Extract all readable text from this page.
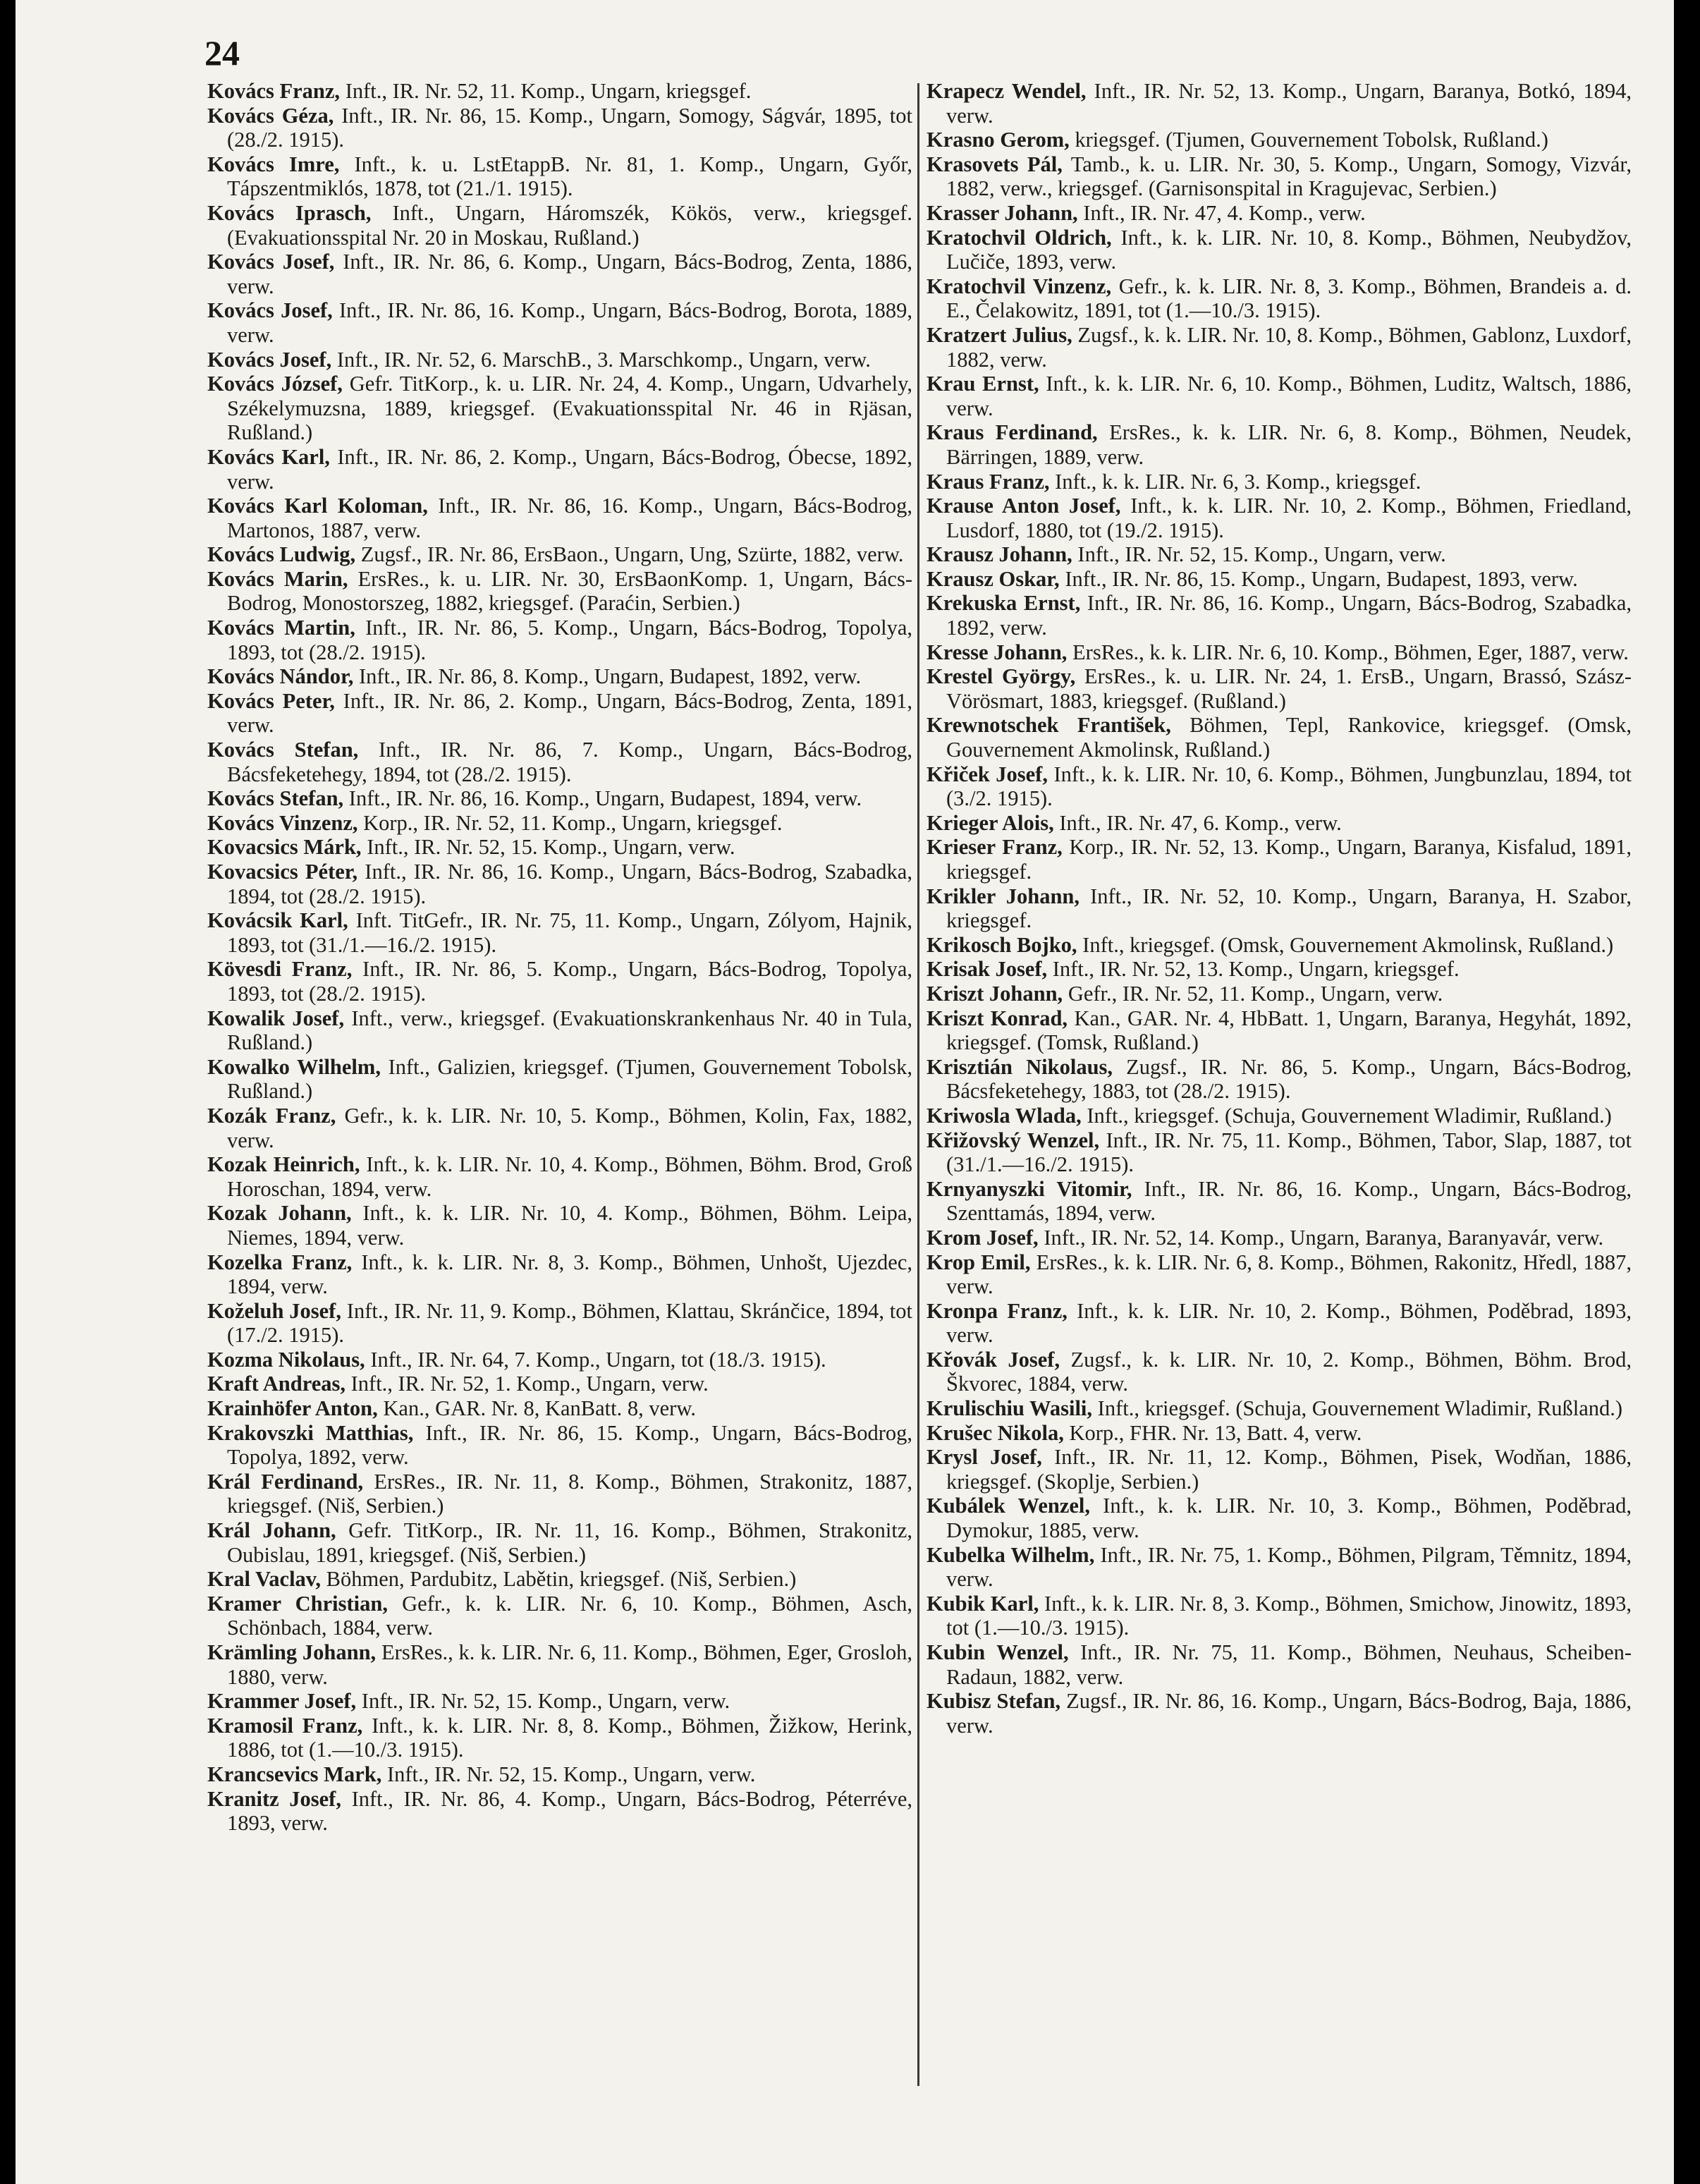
24

Kovács Franz, Inft., IR. Nr. 52, 11. Komp., Ungarn, kriegsgef.

Kovács Géza, Inft., IR. Nr. 86, 15. Komp., Ungarn, Somogy, Ságvár, 1895, tot (28./2. 1915).

Kovács Imre, Inft., k. u. LstEtappB. Nr. 81, 1. Komp., Ungarn, Győr, Tápszentmiklós, 1878, tot (21./1. 1915).

Kovács Iprasch, Inft., Ungarn, Háromszék, Kökös, verw., kriegsgef. (Evakuationsspital Nr. 20 in Moskau, Rußland.)

Kovács Josef, Inft., IR. Nr. 86, 6. Komp., Ungarn, Bács-Bodrog, Zenta, 1886, verw.

Kovács Josef, Inft., IR. Nr. 86, 16. Komp., Ungarn, Bács-Bodrog, Borota, 1889, verw.

Kovács Josef, Inft., IR. Nr. 52, 6. MarschB., 3. Marschkomp., Ungarn, verw.

Kovács József, Gefr. TitKorp., k. u. LIR. Nr. 24, 4. Komp., Ungarn, Udvarhely, Székelymuzsna, 1889, kriegsgef. (Evakuationsspital Nr. 46 in Rjäsan, Rußland.)

Kovács Karl, Inft., IR. Nr. 86, 2. Komp., Ungarn, Bács-Bodrog, Óbecse, 1892, verw.

Kovács Karl Koloman, Inft., IR. Nr. 86, 16. Komp., Ungarn, Bács-Bodrog, Martonos, 1887, verw.

Kovács Ludwig, Zugsf., IR. Nr. 86, ErsBaon., Ungarn, Ung, Szürte, 1882, verw.

Kovács Marin, ErsRes., k. u. LIR. Nr. 30, ErsBaonKomp. 1, Ungarn, Bács-Bodrog, Monostorszeg, 1882, kriegsgef. (Paraćin, Serbien.)

Kovács Martin, Inft., IR. Nr. 86, 5. Komp., Ungarn, Bács-Bodrog, Topolya, 1893, tot (28./2. 1915).

Kovács Nándor, Inft., IR. Nr. 86, 8. Komp., Ungarn, Budapest, 1892, verw.

Kovács Peter, Inft., IR. Nr. 86, 2. Komp., Ungarn, Bács-Bodrog, Zenta, 1891, verw.

Kovács Stefan, Inft., IR. Nr. 86, 7. Komp., Ungarn, Bács-Bodrog, Bácsfeketehegy, 1894, tot (28./2. 1915).

Kovács Stefan, Inft., IR. Nr. 86, 16. Komp., Ungarn, Budapest, 1894, verw.

Kovács Vinzenz, Korp., IR. Nr. 52, 11. Komp., Ungarn, kriegsgef.

Kovacsics Márk, Inft., IR. Nr. 52, 15. Komp., Ungarn, verw.

Kovacsics Péter, Inft., IR. Nr. 86, 16. Komp., Ungarn, Bács-Bodrog, Szabadka, 1894, tot (28./2. 1915).

Kovácsik Karl, Inft. TitGefr., IR. Nr. 75, 11. Komp., Ungarn, Zólyom, Hajnik, 1893, tot (31./1.—16./2. 1915).

Kövesdi Franz, Inft., IR. Nr. 86, 5. Komp., Ungarn, Bács-Bodrog, Topolya, 1893, tot (28./2. 1915).

Kowalik Josef, Inft., verw., kriegsgef. (Evakuationskrankenhaus Nr. 40 in Tula, Rußland.)

Kowalko Wilhelm, Inft., Galizien, kriegsgef. (Tjumen, Gouvernement Tobolsk, Rußland.)

Kozák Franz, Gefr., k. k. LIR. Nr. 10, 5. Komp., Böhmen, Kolin, Fax, 1882, verw.

Kozak Heinrich, Inft., k. k. LIR. Nr. 10, 4. Komp., Böhmen, Böhm. Brod, Groß Horoschan, 1894, verw.

Kozak Johann, Inft., k. k. LIR. Nr. 10, 4. Komp., Böhmen, Böhm. Leipa, Niemes, 1894, verw.

Kozelka Franz, Inft., k. k. LIR. Nr. 8, 3. Komp., Böhmen, Unhošt, Ujezdec, 1894, verw.

Koželuh Josef, Inft., IR. Nr. 11, 9. Komp., Böhmen, Klattau, Skránčice, 1894, tot (17./2. 1915).

Kozma Nikolaus, Inft., IR. Nr. 64, 7. Komp., Ungarn, tot (18./3. 1915).

Kraft Andreas, Inft., IR. Nr. 52, 1. Komp., Ungarn, verw.

Krainhöfer Anton, Kan., GAR. Nr. 8, KanBatt. 8, verw.

Krakovszki Matthias, Inft., IR. Nr. 86, 15. Komp., Ungarn, Bács-Bodrog, Topolya, 1892, verw.

Král Ferdinand, ErsRes., IR. Nr. 11, 8. Komp., Böhmen, Strakonitz, 1887, kriegsgef. (Niš, Serbien.)

Král Johann, Gefr. TitKorp., IR. Nr. 11, 16. Komp., Böhmen, Strakonitz, Oubislau, 1891, kriegsgef. (Niš, Serbien.)

Kral Vaclav, Böhmen, Pardubitz, Labětin, kriegsgef. (Niš, Serbien.)

Kramer Christian, Gefr., k. k. LIR. Nr. 6, 10. Komp., Böhmen, Asch, Schönbach, 1884, verw.

Krämling Johann, ErsRes., k. k. LIR. Nr. 6, 11. Komp., Böhmen, Eger, Grosloh, 1880, verw.

Krammer Josef, Inft., IR. Nr. 52, 15. Komp., Ungarn, verw.

Kramosil Franz, Inft., k. k. LIR. Nr. 8, 8. Komp., Böhmen, Žižkow, Herink, 1886, tot (1.—10./3. 1915).

Krancsevics Mark, Inft., IR. Nr. 52, 15. Komp., Ungarn, verw.

Kranitz Josef, Inft., IR. Nr. 86, 4. Komp., Ungarn, Bács-Bodrog, Péterréve, 1893, verw.

Krapecz Wendel, Inft., IR. Nr. 52, 13. Komp., Ungarn, Baranya, Botkó, 1894, verw.

Krasno Gerom, kriegsgef. (Tjumen, Gouvernement Tobolsk, Rußland.)

Krasovets Pál, Tamb., k. u. LIR. Nr. 30, 5. Komp., Ungarn, Somogy, Vizvár, 1882, verw., kriegsgef. (Garnisonspital in Kragujevac, Serbien.)

Krasser Johann, Inft., IR. Nr. 47, 4. Komp., verw.

Kratochvil Oldrich, Inft., k. k. LIR. Nr. 10, 8. Komp., Böhmen, Neubydžov, Lučiče, 1893, verw.

Kratochvil Vinzenz, Gefr., k. k. LIR. Nr. 8, 3. Komp., Böhmen, Brandeis a. d. E., Čelakowitz, 1891, tot (1.—10./3. 1915).

Kratzert Julius, Zugsf., k. k. LIR. Nr. 10, 8. Komp., Böhmen, Gablonz, Luxdorf, 1882, verw.

Krau Ernst, Inft., k. k. LIR. Nr. 6, 10. Komp., Böhmen, Luditz, Waltsch, 1886, verw.

Kraus Ferdinand, ErsRes., k. k. LIR. Nr. 6, 8. Komp., Böhmen, Neudek, Bärringen, 1889, verw.

Kraus Franz, Inft., k. k. LIR. Nr. 6, 3. Komp., kriegsgef.

Krause Anton Josef, Inft., k. k. LIR. Nr. 10, 2. Komp., Böhmen, Friedland, Lusdorf, 1880, tot (19./2. 1915).

Krausz Johann, Inft., IR. Nr. 52, 15. Komp., Ungarn, verw.

Krausz Oskar, Inft., IR. Nr. 86, 15. Komp., Ungarn, Budapest, 1893, verw.

Krekuska Ernst, Inft., IR. Nr. 86, 16. Komp., Ungarn, Bács-Bodrog, Szabadka, 1892, verw.

Kresse Johann, ErsRes., k. k. LIR. Nr. 6, 10. Komp., Böhmen, Eger, 1887, verw.

Krestel György, ErsRes., k. u. LIR. Nr. 24, 1. ErsB., Ungarn, Brassó, Szász-Vörösmart, 1883, kriegsgef. (Rußland.)

Krewnotschek František, Böhmen, Tepl, Rankovice, kriegsgef. (Omsk, Gouvernement Akmolinsk, Rußland.)

Křiček Josef, Inft., k. k. LIR. Nr. 10, 6. Komp., Böhmen, Jungbunzlau, 1894, tot (3./2. 1915).

Krieger Alois, Inft., IR. Nr. 47, 6. Komp., verw.

Krieser Franz, Korp., IR. Nr. 52, 13. Komp., Ungarn, Baranya, Kisfalud, 1891, kriegsgef.

Krikler Johann, Inft., IR. Nr. 52, 10. Komp., Ungarn, Baranya, H. Szabor, kriegsgef.

Krikosch Bojko, Inft., kriegsgef. (Omsk, Gouvernement Akmolinsk, Rußland.)

Krisak Josef, Inft., IR. Nr. 52, 13. Komp., Ungarn, kriegsgef.

Kriszt Johann, Gefr., IR. Nr. 52, 11. Komp., Ungarn, verw.

Kriszt Konrad, Kan., GAR. Nr. 4, HbBatt. 1, Ungarn, Baranya, Hegyhát, 1892, kriegsgef. (Tomsk, Rußland.)

Krisztián Nikolaus, Zugsf., IR. Nr. 86, 5. Komp., Ungarn, Bács-Bodrog, Bácsfeketehegy, 1883, tot (28./2. 1915).

Kriwosla Wlada, Inft., kriegsgef. (Schuja, Gouvernement Wladimir, Rußland.)

Křižovský Wenzel, Inft., IR. Nr. 75, 11. Komp., Böhmen, Tabor, Slap, 1887, tot (31./1.—16./2. 1915).

Krnyanyszki Vitomir, Inft., IR. Nr. 86, 16. Komp., Ungarn, Bács-Bodrog, Szenttamás, 1894, verw.

Krom Josef, Inft., IR. Nr. 52, 14. Komp., Ungarn, Baranya, Baranyavár, verw.

Krop Emil, ErsRes., k. k. LIR. Nr. 6, 8. Komp., Böhmen, Rakonitz, Hředl, 1887, verw.

Kronpa Franz, Inft., k. k. LIR. Nr. 10, 2. Komp., Böhmen, Poděbrad, 1893, verw.

Křovák Josef, Zugsf., k. k. LIR. Nr. 10, 2. Komp., Böhmen, Böhm. Brod, Škvorec, 1884, verw.

Krulischiu Wasili, Inft., kriegsgef. (Schuja, Gouvernement Wladimir, Rußland.)

Krušec Nikola, Korp., FHR. Nr. 13, Batt. 4, verw.

Krysl Josef, Inft., IR. Nr. 11, 12. Komp., Böhmen, Pisek, Wodňan, 1886, kriegsgef. (Skoplje, Serbien.)

Kubálek Wenzel, Inft., k. k. LIR. Nr. 10, 3. Komp., Böhmen, Poděbrad, Dymokur, 1885, verw.

Kubelka Wilhelm, Inft., IR. Nr. 75, 1. Komp., Böhmen, Pilgram, Těmnitz, 1894, verw.

Kubik Karl, Inft., k. k. LIR. Nr. 8, 3. Komp., Böhmen, Smichow, Jinowitz, 1893, tot (1.—10./3. 1915).

Kubin Wenzel, Inft., IR. Nr. 75, 11. Komp., Böhmen, Neuhaus, Scheiben-Radaun, 1882, verw.

Kubisz Stefan, Zugsf., IR. Nr. 86, 16. Komp., Ungarn, Bács-Bodrog, Baja, 1886, verw.
